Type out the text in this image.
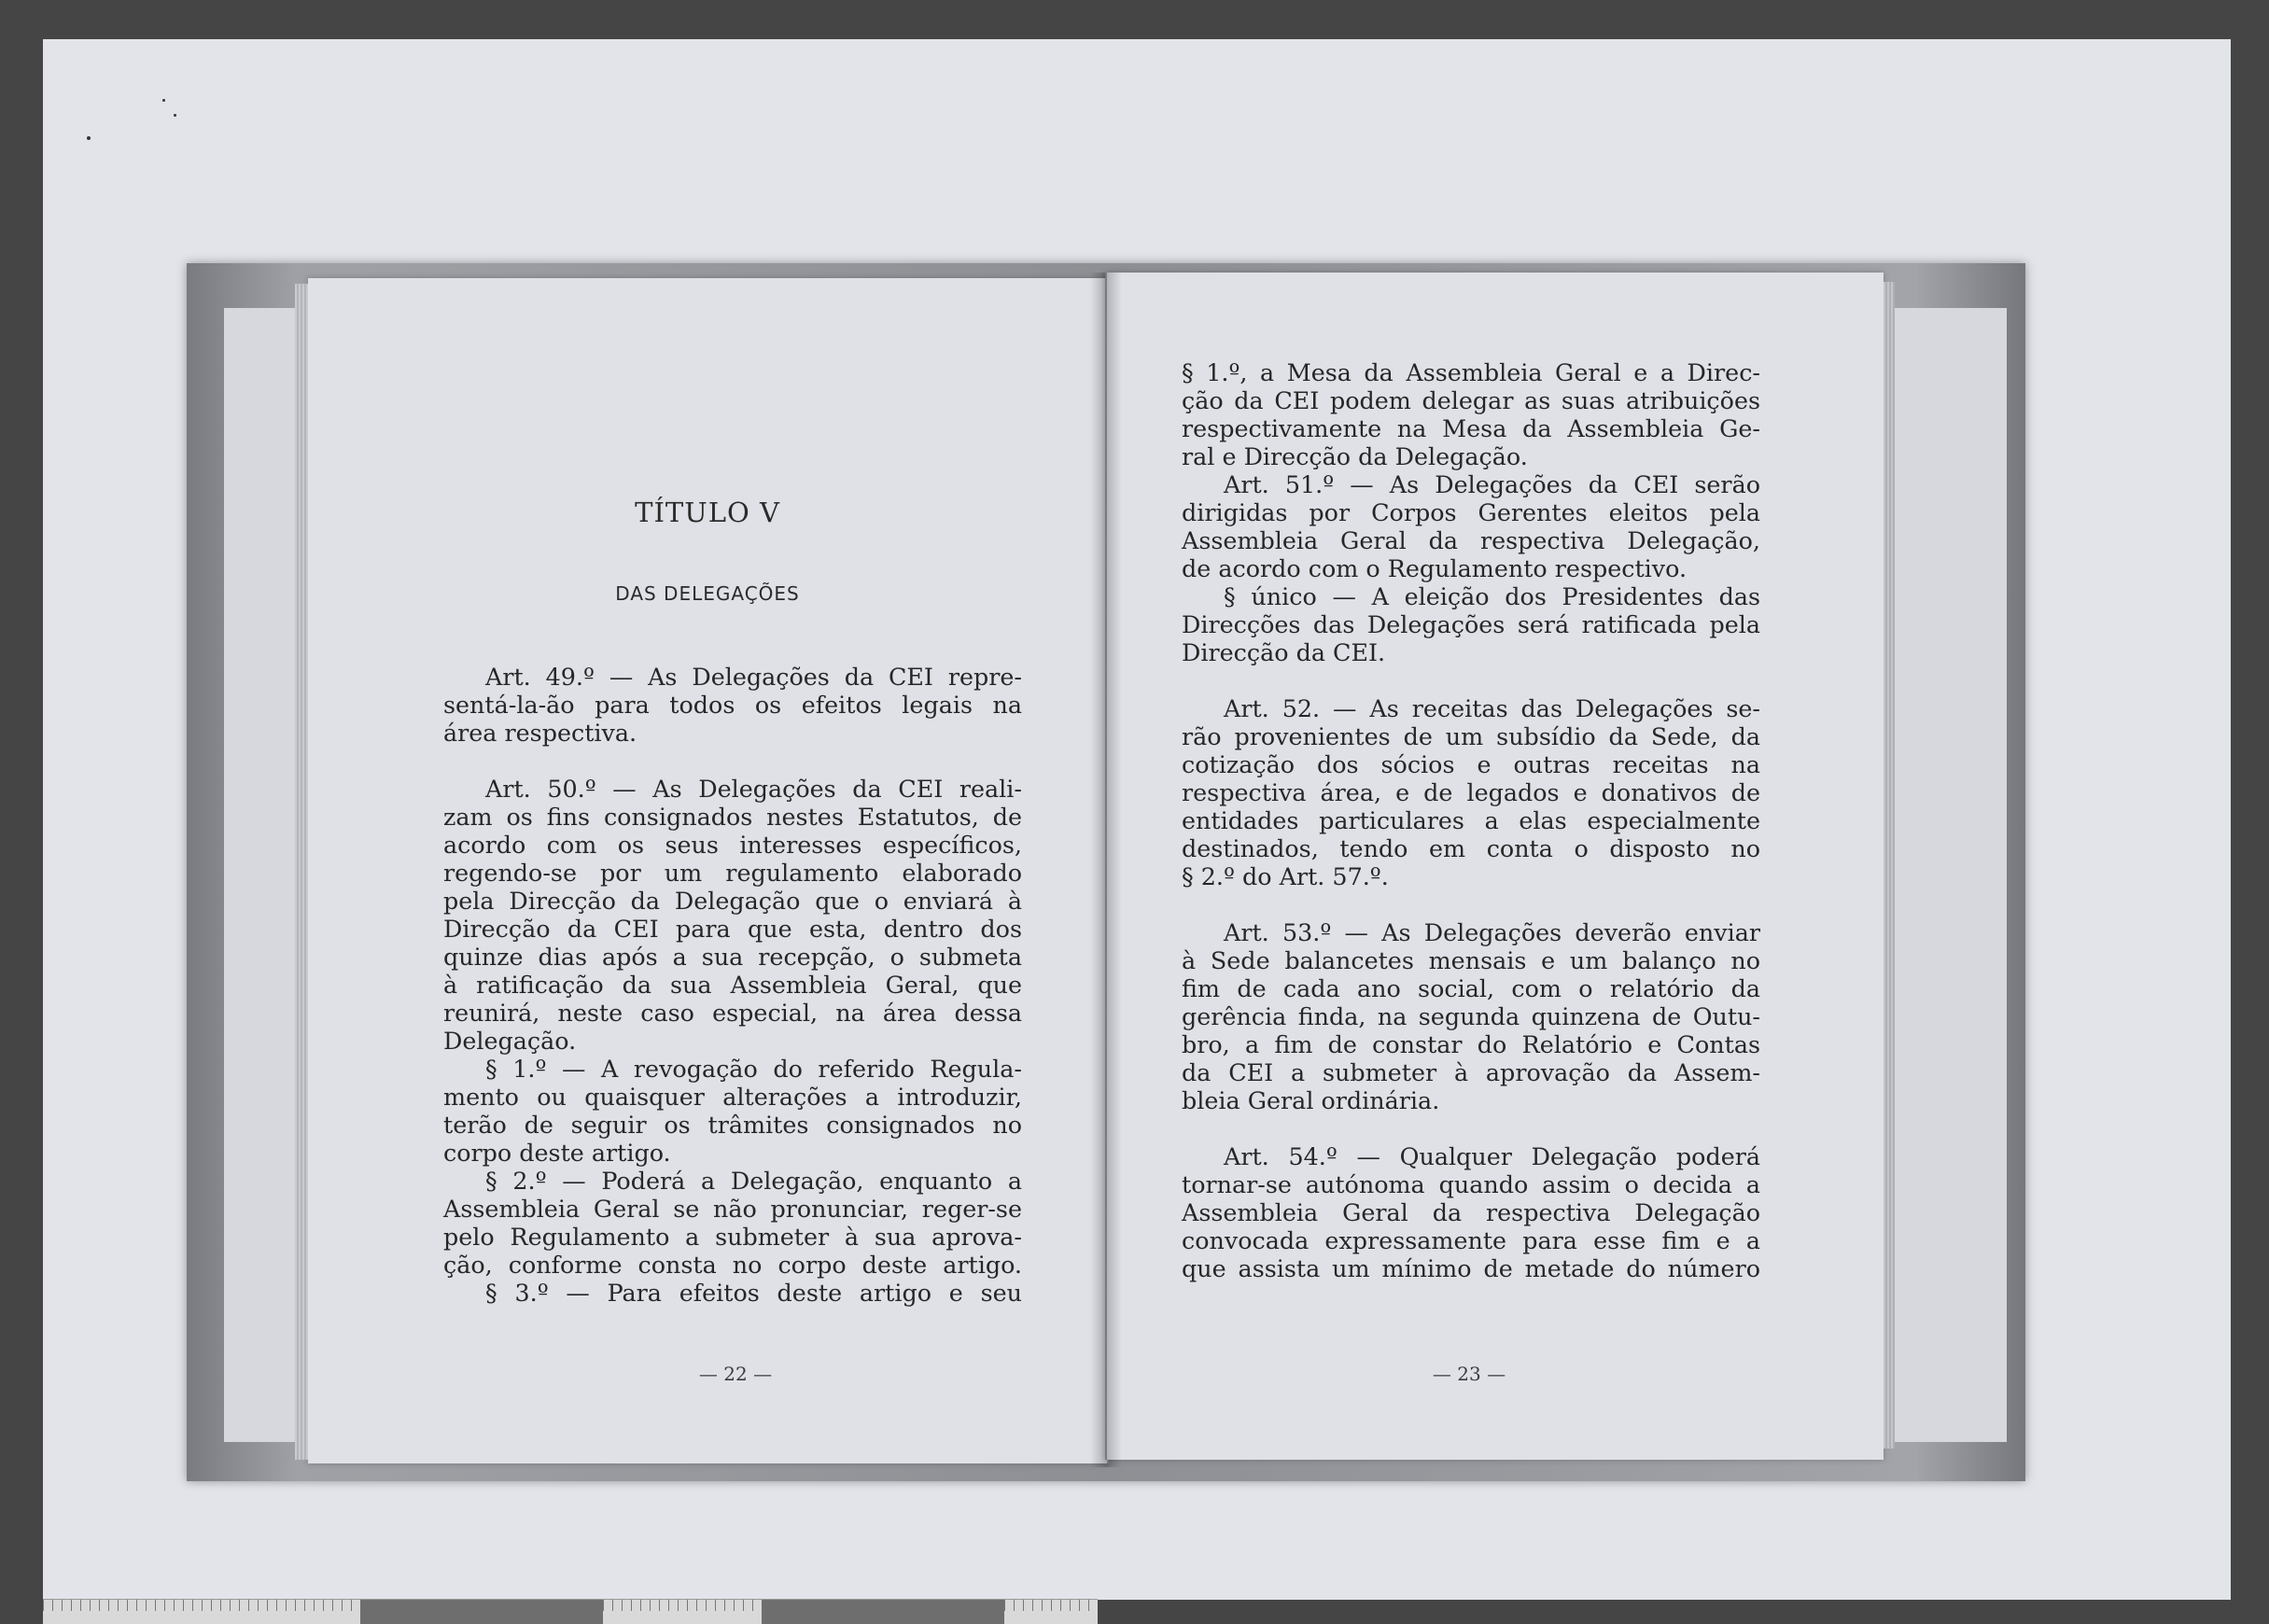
TÍTULO V
DAS DELEGAÇÕES

Art. 49.º — As Delegações da CEI repre-

sentá-la-ão para todos os efeitos legais na

área respectiva.

Art. 50.º — As Delegações da CEI reali-

zam os fins consignados nestes Estatutos, de

acordo com os seus interesses específicos,

regendo-se por um regulamento elaborado

pela Direcção da Delegação que o enviará à

Direcção da CEI para que esta, dentro dos

quinze dias após a sua recepção, o submeta

à ratificação da sua Assembleia Geral, que

reunirá, neste caso especial, na área dessa

Delegação.

§ 1.º — A revogação do referido Regula-

mento ou quaisquer alterações a introduzir,

terão de seguir os trâmites consignados no

corpo deste artigo.

§ 2.º — Poderá a Delegação, enquanto a

Assembleia Geral se não pronunciar, reger-se

pelo Regulamento a submeter à sua aprova-

ção, conforme consta no corpo deste artigo.

§ 3.º — Para efeitos deste artigo e seu

§ 1.º, a Mesa da Assembleia Geral e a Direc-

ção da CEI podem delegar as suas atribuições

respectivamente na Mesa da Assembleia Ge-

ral e Direcção da Delegação.

Art. 51.º — As Delegações da CEI serão

dirigidas por Corpos Gerentes eleitos pela

Assembleia Geral da respectiva Delegação,

de acordo com o Regulamento respectivo.

§ único — A eleição dos Presidentes das

Direcções das Delegações será ratificada pela

Direcção da CEI.

Art. 52. — As receitas das Delegações se-

rão provenientes de um subsídio da Sede, da

cotização dos sócios e outras receitas na

respectiva área, e de legados e donativos de

entidades particulares a elas especialmente

destinados, tendo em conta o disposto no

§ 2.º do Art. 57.º.

Art. 53.º — As Delegações deverão enviar

à Sede balancetes mensais e um balanço no

fim de cada ano social, com o relatório da

gerência finda, na segunda quinzena de Outu-

bro, a fim de constar do Relatório e Contas

da CEI a submeter à aprovação da Assem-

bleia Geral ordinária.

Art. 54.º — Qualquer Delegação poderá

tornar-se autónoma quando assim o decida a

Assembleia Geral da respectiva Delegação

convocada expressamente para esse fim e a

que assista um mínimo de metade do número

— 22 —	— 23 —
